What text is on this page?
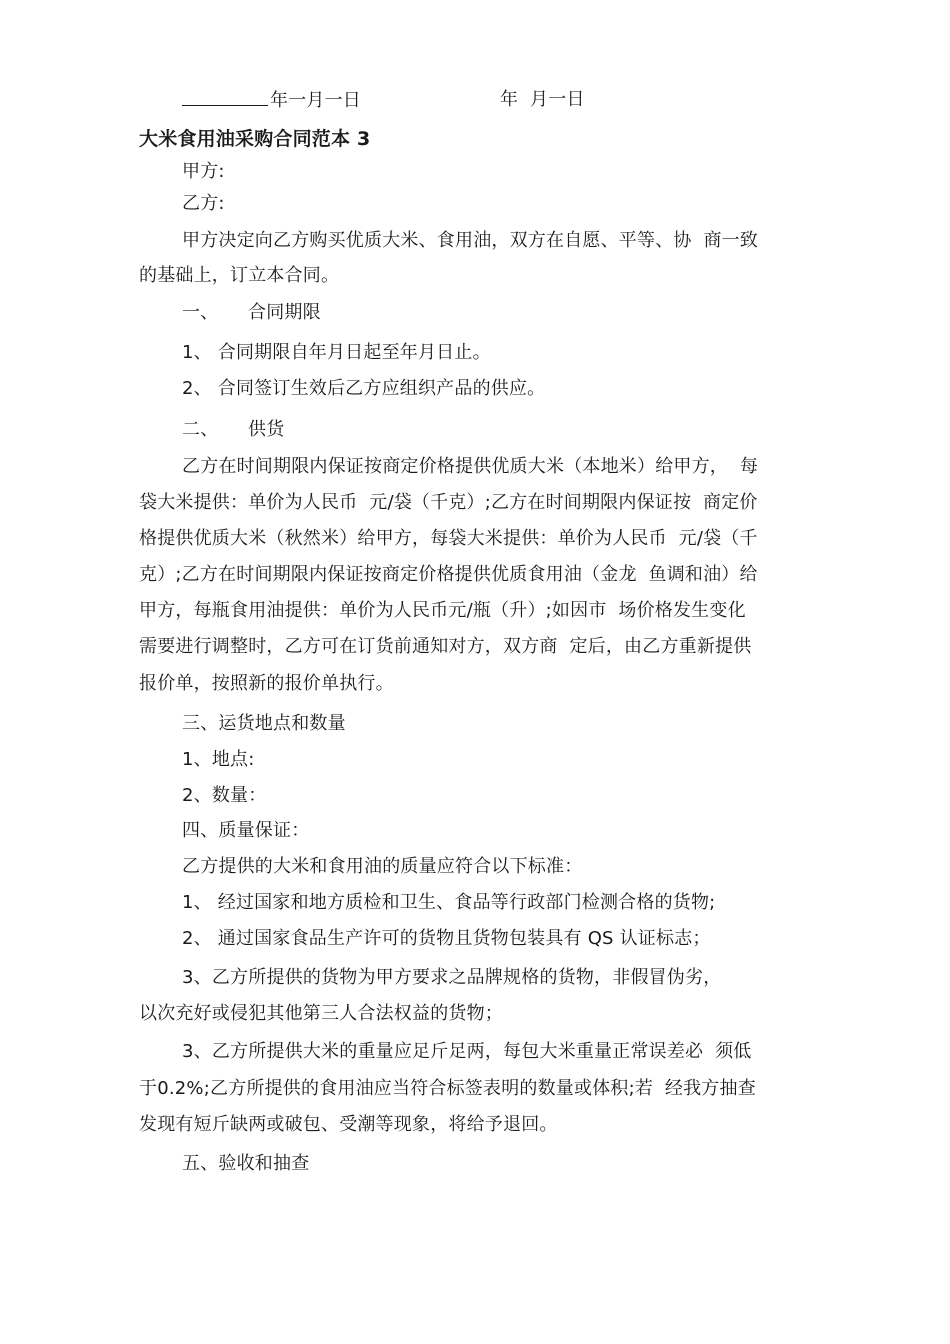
年一月一日	年  月一日
大米食用油采购合同范本 3
甲方:
乙方:
甲方决定向乙方购买优质大米、食用油，双方在自愿、平等、协  商一致
的基础上，订立本合同。
一、     合同期限
1、 合同期限自年月日起至年月日止。
2、 合同签订生效后乙方应组织产品的供应。
二、     供货
乙方在时间期限内保证按商定价格提供优质大米（本地米）给甲方，  每
袋大米提供：单价为人民币  元/袋（千克）;乙方在时间期限内保证按  商定价
格提供优质大米（秋然米）给甲方，每袋大米提供：单价为人民币  元/袋（千
克）;乙方在时间期限内保证按商定价格提供优质食用油（金龙  鱼调和油）给
甲方，每瓶食用油提供：单价为人民币元/瓶（升）;如因市  场价格发生变化
需要进行调整时，乙方可在订货前通知对方，双方商  定后，由乙方重新提供
报价单，按照新的报价单执行。
三、运货地点和数量
1、地点:
2、数量：
四、质量保证：
乙方提供的大米和食用油的质量应符合以下标准：
1、 经过国家和地方质检和卫生、食品等行政部门检测合格的货物;
2、 通过国家食品生产许可的货物且货物包装具有 QS 认证标志；
3、乙方所提供的货物为甲方要求之品牌规格的货物，非假冒伪劣，
以次充好或侵犯其他第三人合法权益的货物；
3、乙方所提供大米的重量应足斤足两，每包大米重量正常误差必  须低
于0.2%;乙方所提供的食用油应当符合标签表明的数量或体积;若  经我方抽查
发现有短斤缺两或破包、受潮等现象，将给予退回。
五、验收和抽查
